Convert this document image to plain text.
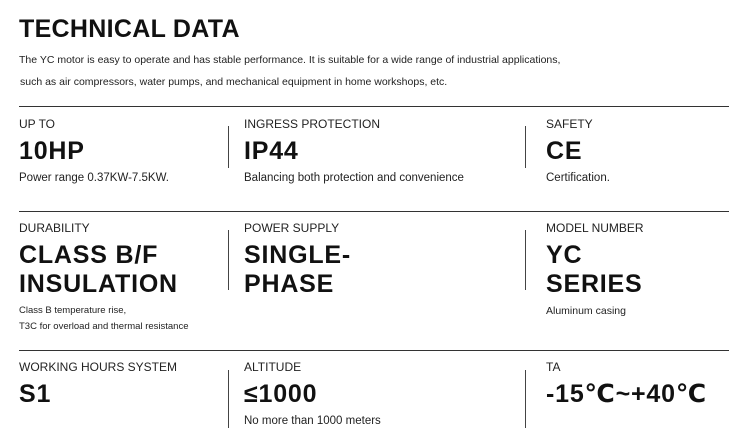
TECHNICAL DATA
The YC motor is easy to operate and has stable performance. It is suitable for a wide range of industrial applications,
such as air compressors, water pumps, and mechanical equipment in home workshops, etc.
UP TO
10HP
Power range 0.37KW-7.5KW.
INGRESS PROTECTION
IP44
Balancing both protection and convenience
SAFETY
CE
Certification.
DURABILITY
CLASS B/F
INSULATION
Class B temperature rise,
T3C for overload and thermal resistance
POWER SUPPLY
SINGLE-
PHASE
MODEL NUMBER
YC
SERIES
Aluminum casing
WORKING HOURS SYSTEM
S1
ALTITUDE
≤1000
No more than 1000 meters
TA
-15℃~+40℃
